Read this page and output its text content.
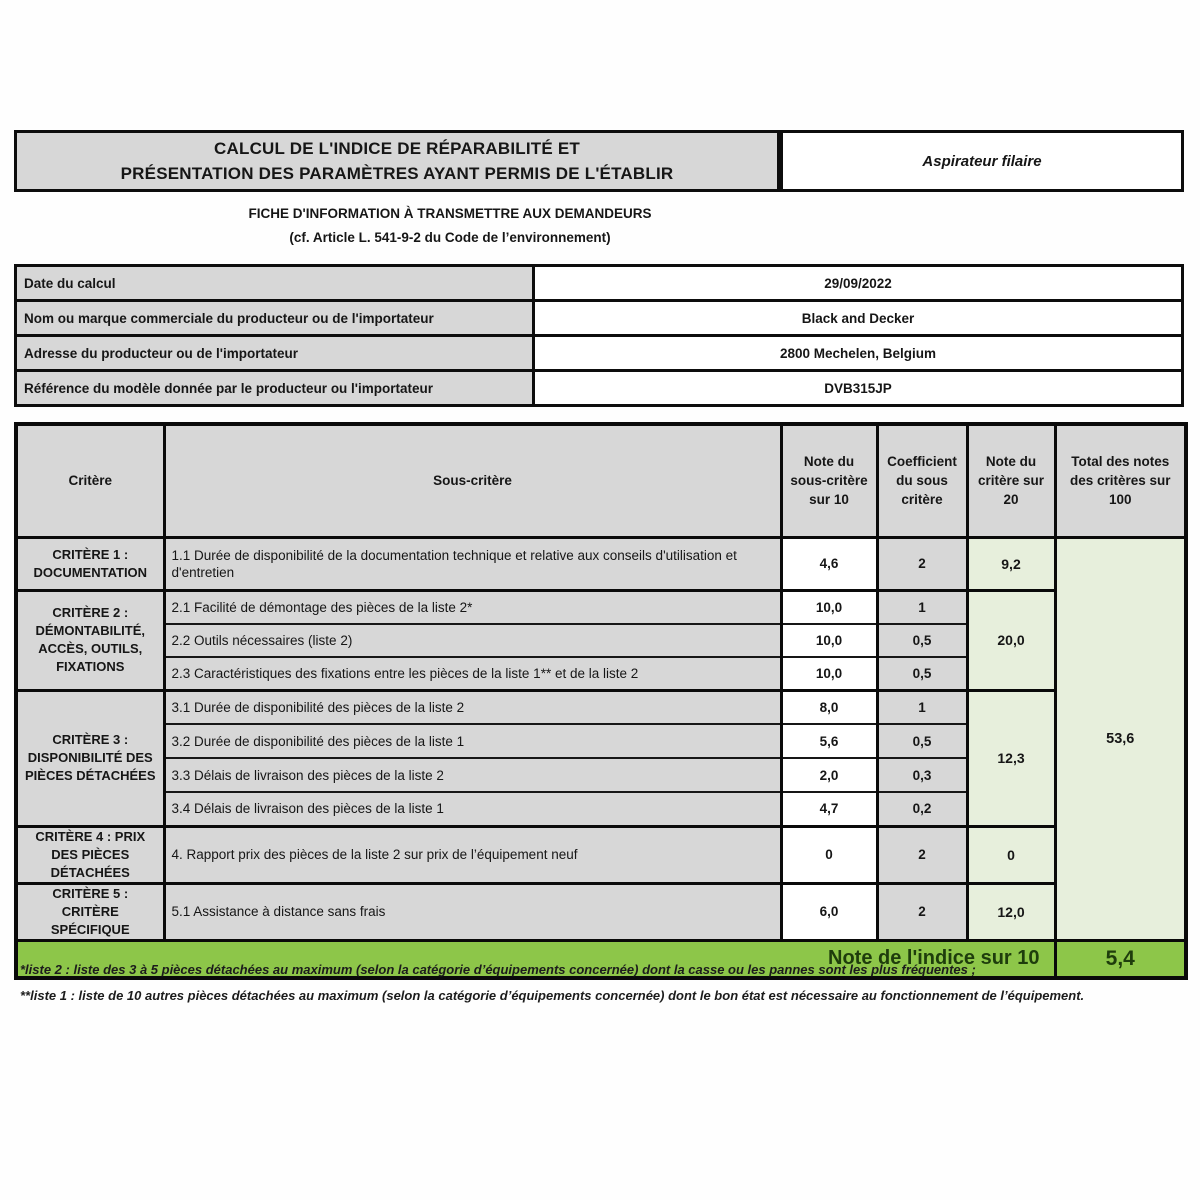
CALCUL DE L'INDICE DE RÉPARABILITÉ ET
PRÉSENTATION DES PARAMÈTRES AYANT PERMIS DE L'ÉTABLIR
Aspirateur filaire
FICHE D'INFORMATION À TRANSMETTRE AUX DEMANDEURS
(cf. Article L. 541-9-2 du Code de l’environnement)
Date du calcul	29/09/2022
Nom ou marque commerciale du producteur ou de l'importateur	Black and Decker
Adresse du producteur ou de l'importateur	2800 Mechelen, Belgium
Référence du modèle donnée par le producteur ou l'importateur	DVB315JP
Critère	Sous-critère	Note du sous-critère sur 10	Coefficient du sous critère	Note du critère sur 20	Total des notes des critères sur 100
CRITÈRE 1 : DOCUMENTATION	1.1 Durée de disponibilité de la documentation technique et relative aux conseils d'utilisation et d'entretien	4,6	2	9,2	53,6
CRITÈRE 2 : DÉMONTABILITÉ, ACCÈS, OUTILS, FIXATIONS	2.1 Facilité de démontage des pièces de la liste 2*	10,0	1	20,0	
	2.2 Outils nécessaires (liste 2)	10,0	0,5		
	2.3 Caractéristiques des fixations entre les pièces de la liste 1** et de la liste 2	10,0	0,5		
CRITÈRE 3 : DISPONIBILITÉ DES PIÈCES DÉTACHÉES	3.1 Durée de disponibilité des pièces de la liste 2	8,0	1	12,3	
	3.2 Durée de disponibilité des pièces de la liste 1	5,6	0,5		
	3.3 Délais de livraison des pièces de la liste 2	2,0	0,3		
	3.4 Délais de livraison des pièces de la liste 1	4,7	0,2		
CRITÈRE 4 : PRIX DES PIÈCES DÉTACHÉES	4. Rapport prix des pièces de la liste 2 sur prix de l’équipement neuf	0	2	0	
CRITÈRE 5 : CRITÈRE SPÉCIFIQUE	5.1 Assistance à distance sans frais	6,0	2	12,0	
Note de l'indice sur 10					5,4
*liste 2 : liste des 3 à 5 pièces détachées au maximum (selon la catégorie d’équipements concernée) dont la casse ou les pannes sont les plus fréquentes ;
**liste 1 : liste de 10 autres pièces détachées au maximum (selon la catégorie d’équipements concernée) dont le bon état est nécessaire au fonctionnement de l’équipement.
